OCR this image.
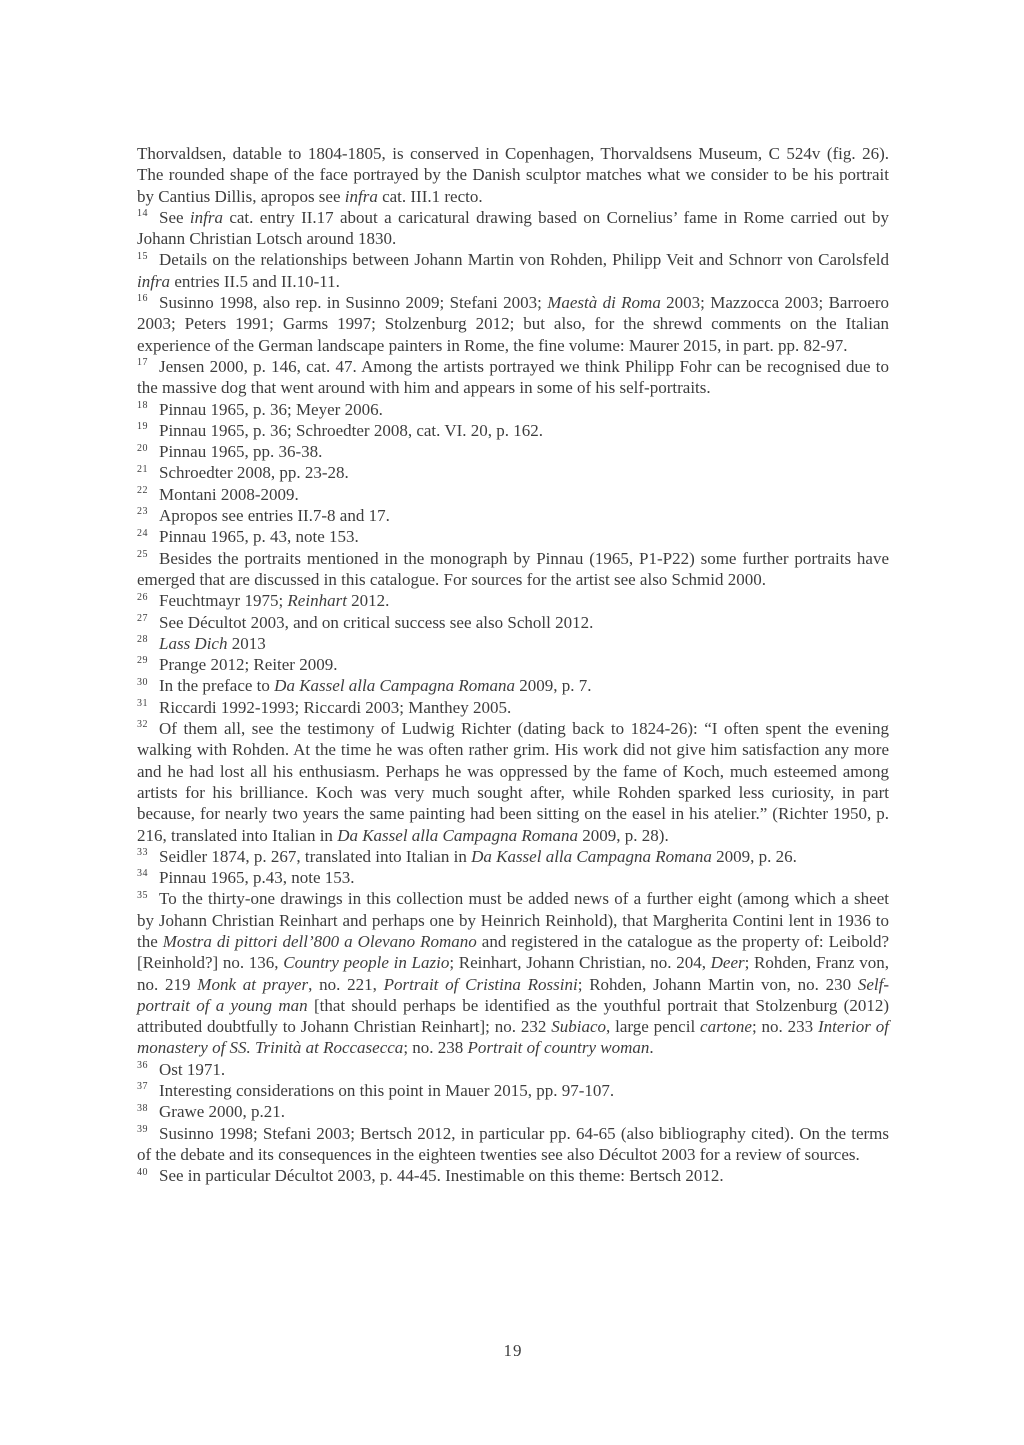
Thorvaldsen, datable to 1804-1805, is conserved in Copenhagen, Thorvaldsens Museum, C 524v (fig. 26). The rounded shape of the face portrayed by the Danish sculptor matches what we consider to be his portrait by Cantius Dillis, apropos see infra cat. III.1 recto.

$^{14}$ See infra cat. entry II.17 about a caricatural drawing based on Cornelius’ fame in Rome carried out by Johann Christian Lotsch around 1830.

$^{15}$ Details on the relationships between Johann Martin von Rohden, Philipp Veit and Schnorr von Carolsfeld infra entries II.5 and II.10-11.

$^{16}$ Susinno 1998, also rep. in Susinno 2009; Stefani 2003; Maestà di Roma 2003; Mazzocca 2003; Barroero 2003; Peters 1991; Garms 1997; Stolzenburg 2012; but also, for the shrewd comments on the Italian experience of the German landscape painters in Rome, the fine volume: Maurer 2015, in part. pp. 82-97.

$^{17}$ Jensen 2000, p. 146, cat. 47. Among the artists portrayed we think Philipp Fohr can be recognised due to the massive dog that went around with him and appears in some of his self-portraits.

$^{18}$ Pinnau 1965, p. 36; Meyer 2006.

$^{19}$ Pinnau 1965, p. 36; Schroedter 2008, cat. VI. 20, p. 162.

$^{20}$ Pinnau 1965, pp. 36-38.

$^{21}$ Schroedter 2008, pp. 23-28.

$^{22}$ Montani 2008-2009.

$^{23}$ Apropos see entries II.7-8 and 17.

$^{24}$ Pinnau 1965, p. 43, note 153.

$^{25}$ Besides the portraits mentioned in the monograph by Pinnau (1965, P1-P22) some further portraits have emerged that are discussed in this catalogue. For sources for the artist see also Schmid 2000.

$^{26}$ Feuchtmayr 1975; Reinhart 2012.

$^{27}$ See Décultot 2003, and on critical success see also Scholl 2012.

$^{28}$ Lass Dich 2013

$^{29}$ Prange 2012; Reiter 2009.

$^{30}$ In the preface to Da Kassel alla Campagna Romana 2009, p. 7.

$^{31}$ Riccardi 1992-1993; Riccardi 2003; Manthey 2005.

$^{32}$ Of them all, see the testimony of Ludwig Richter (dating back to 1824-26): “I often spent the evening walking with Rohden. At the time he was often rather grim. His work did not give him satisfaction any more and he had lost all his enthusiasm. Perhaps he was oppressed by the fame of Koch, much esteemed among artists for his brilliance. Koch was very much sought after, while Rohden sparked less curiosity, in part because, for nearly two years the same painting had been sitting on the easel in his atelier.” (Richter 1950, p. 216, translated into Italian in Da Kassel alla Campagna Romana 2009, p. 28).

$^{33}$ Seidler 1874, p. 267, translated into Italian in Da Kassel alla Campagna Romana 2009, p. 26.

$^{34}$ Pinnau 1965, p.43, note 153.

$^{35}$ To the thirty-one drawings in this collection must be added news of a further eight (among which a sheet by Johann Christian Reinhart and perhaps one by Heinrich Reinhold), that Margherita Contini lent in 1936 to the Mostra di pittori dell’800 a Olevano Romano and registered in the catalogue as the property of: Leibold? [Reinhold?] no. 136, Country people in Lazio; Reinhart, Johann Christian, no. 204, Deer; Rohden, Franz von, no. 219 Monk at prayer, no. 221, Portrait of Cristina Rossini; Rohden, Johann Martin von, no. 230 Self- portrait of a young man [that should perhaps be identified as the youthful portrait that Stolzenburg (2012) attributed doubtfully to Johann Christian Reinhart]; no. 232 Subiaco, large pencil cartone; no. 233 Interior of monastery of SS. Trinità at Roccasecca; no. 238 Portrait of country woman.

$^{36}$ Ost 1971.

$^{37}$ Interesting considerations on this point in Mauer 2015, pp. 97-107.

$^{38}$ Grawe 2000, p.21.

$^{39}$ Susinno 1998; Stefani 2003; Bertsch 2012, in particular pp. 64-65 (also bibliography cited). On the terms of the debate and its consequences in the eighteen twenties see also Décultot 2003 for a review of sources.

$^{40}$ See in particular Décultot 2003, p. 44-45. Inestimable on this theme: Bertsch 2012.

19
